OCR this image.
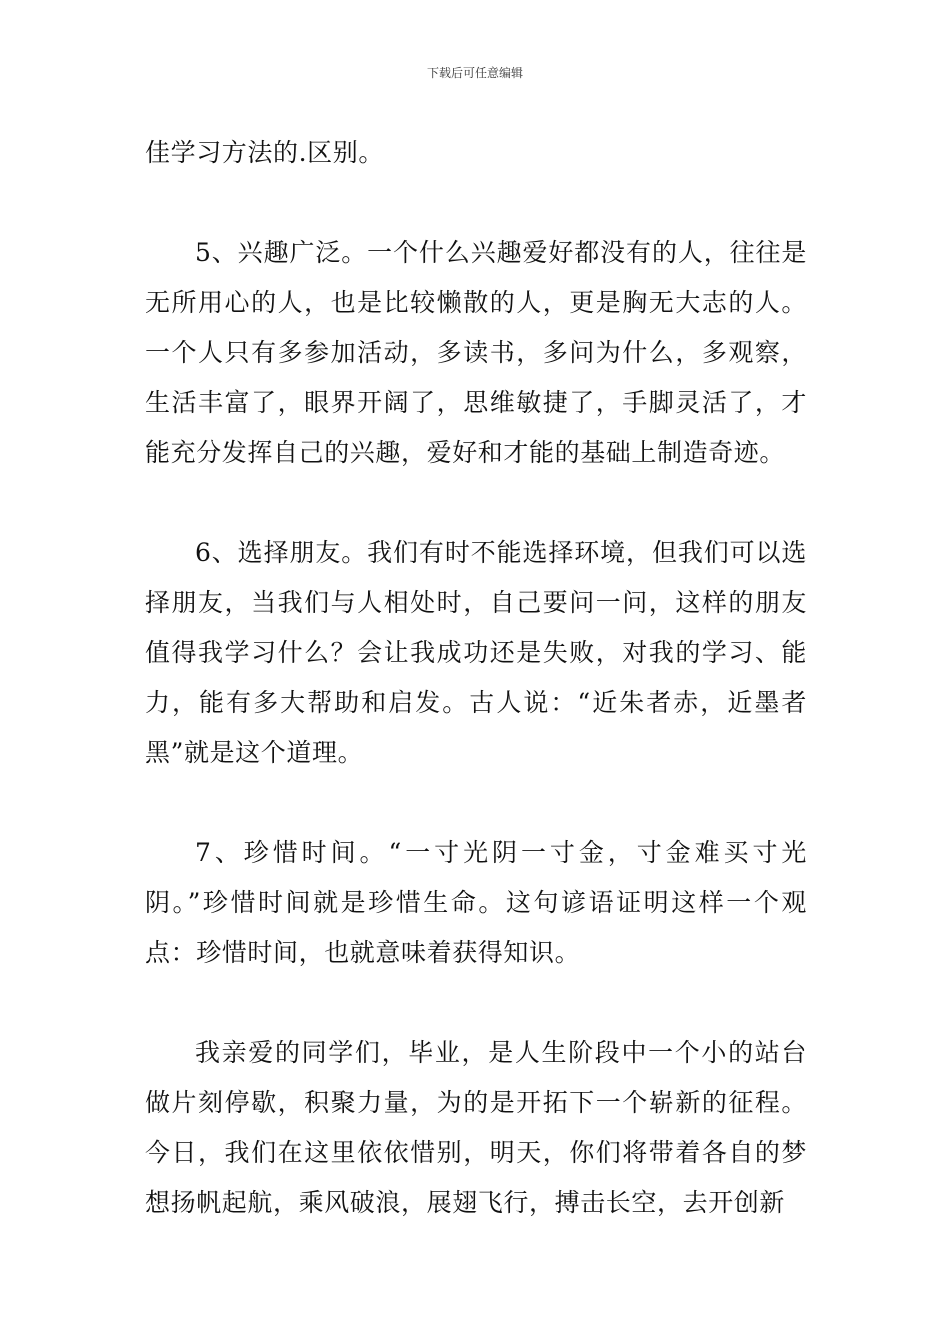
下载后可任意编辑

佳学习方法的.区别。

5、兴趣广泛。一个什么兴趣爱好都没有的人，往往是无所用心的人，也是比较懒散的人，更是胸无大志的人。一个人只有多参加活动，多读书，多问为什么，多观察，生活丰富了，眼界开阔了，思维敏捷了，手脚灵活了，才能充分发挥自己的兴趣，爱好和才能的基础上制造奇迹。

6、选择朋友。我们有时不能选择环境，但我们可以选择朋友，当我们与人相处时，自己要问一问，这样的朋友值得我学习什么？会让我成功还是失败，对我的学习、能力，能有多大帮助和启发。古人说：“近朱者赤，近墨者黑”就是这个道理。

7、珍惜时间。“一寸光阴一寸金，寸金难买寸光阴。”珍惜时间就是珍惜生命。这句谚语证明这样一个观点：珍惜时间，也就意味着获得知识。

我亲爱的同学们，毕业，是人生阶段中一个小的站台做片刻停歇，积聚力量，为的是开拓下一个崭新的征程。今日，我们在这里依依惜别，明天，你们将带着各自的梦想扬帆起航，乘风破浪，展翅飞行，搏击长空，去开创新
